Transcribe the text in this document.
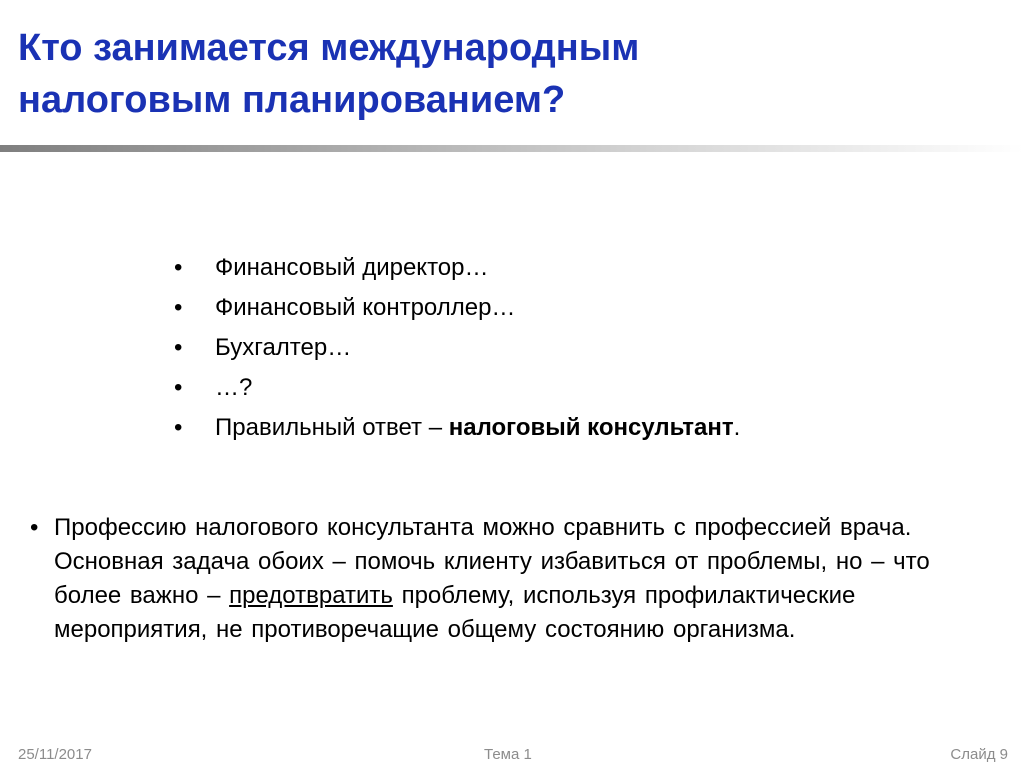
Кто занимается международным
налоговым планированием?
• Финансовый директор…
• Финансовый контроллер…
• Бухгалтер…
• …?
• Правильный ответ – налоговый консультант.
• Профессию налогового консультанта можно сравнить с профессией врача. Основная задача обоих – помочь клиенту избавиться от проблемы, но – что более важно – предотвратить проблему, используя профилактические мероприятия, не противоречащие общему состоянию организма.

25/11/2017	Тема 1	Слайд 9
